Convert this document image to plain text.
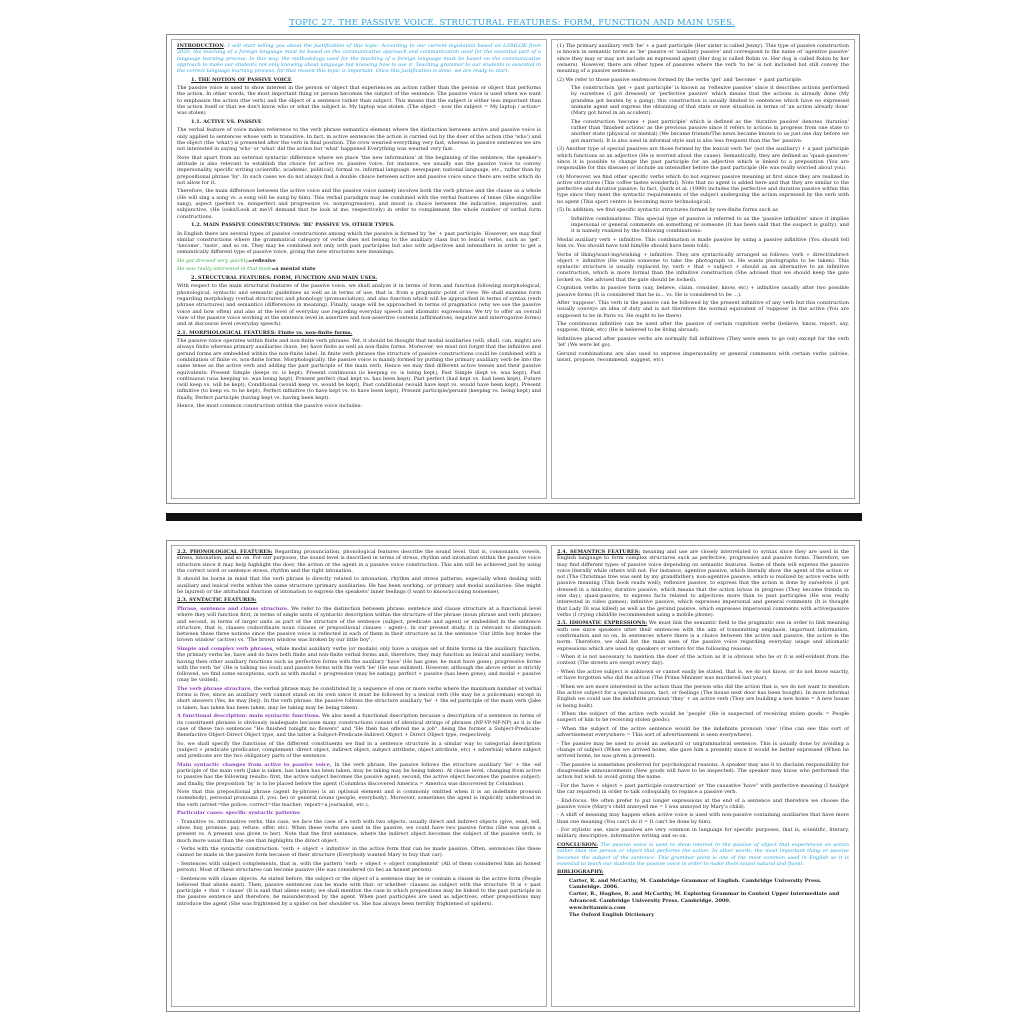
TOPIC 27. THE PASSIVE VOICE. STRUCTURAL FEATURES: FORM, FUNCTION AND MAIN USES.

INTRODUCTION: I will start telling you about the justification of this topic. According to our current legislation based on LOMLOE from 2020, the teaching of a foreign language must be based on the communicative approach and communication used for the essential part of a language learning process. In this way, the methodology used for the teaching of a foreign language must be based on the communicative approach to make our students not only knowing about language but knowing how to use it. Teaching grammar to our students is essential in the correct language learning process, for that reason this topic is important. Once this justification is done, we are ready to start.

1. THE NOTION OF PASSIVE VOICE

The passive voice is used to show interest in the person or object that experiences an action rather than the person or object that performs the action. In other words, the most important thing or person becomes the subject of the sentence. The passive voice is used when we want to emphasize the action (the verb) and the object of a sentence rather than subject. This means that the subject is either less important than the action itself or that we don't know who or what the subject is. My laptop was stolen. (The object - now the subject = My laptop / action= was stolen)

1.1. ACTIVE VS. PASSIVE

The verbal feature of voice makes reference to the verb phrase semantics element where the distinction between active and passive voice is only applied to sentences whose verb is transitive. In fact, in active sentences the action is carried out by the doer of the action (the 'who') and the object (the 'what') is presented after the verb in final position. The crow wearied everything very fast, whereas in passive sentences we are not interested in saying 'who' or 'what' did the action but 'what' happened Everything was wearied very fast.

Note that apart from an external syntactic difference where we place 'the new information' at the beginning of the sentence, the speaker's attitude is also relevant to establish the choice for active vs. passive voice, for instance, we usually use the passive voice to convey impersonality, specific writing (scientific, academic, political), formal vs. informal language, newspaper, national language, etc., rather than by prepositional phrase 'by'. In such cases we do not always find a double choice between active and passive voice since there are verbs which do not allow for it.

Therefore, the main difference between the active voice and the passive voice namely involves both the verb phrase and the clause as a whole (He will sing a song vs. a song will be sung by him). This verbal paradigm may be combined with the verbal features of tense (She sings/She sang), aspect (perfect vs. nonperfect and progressive vs. nonprogressive), and mood (a choice between the indicative, imperative, and subjunctive, (He looks/Look at me!/I demand that he look at me, respectively) in order to complement the whole number of verbal form constructions.

1.2. MAIN PASSIVE CONSTRUCTIONS: 'BE' PASSIVE VS. OTHER TYPES.

In English there are several types of passive constructions among which the passive is formed by 'be' + past participle. However, we may find similar constructions where the grammatical category of verbs does not belong to the auxiliary class but to lexical verbs, such as 'get', 'become', 'taste', and so on. They may be combined not only with past participles but also with adjectives and intensifiers in order to get a semantically different type of passive voice, giving the new structures new meanings.

He got dressed very quickly=reflexive

He was really interested in that book=a mental state

2. STRUCTURAL FEATURES: FORM, FUNCTION AND MAIN USES.

With respect to the main structural features of the passive voice, we shall analyze it in terms of form and function following morphological, phonological, syntactic and semantic guidelines as well as in terms of use, that is, from a pragmatic point of view. We shall examine form regarding morphology (verbal structures) and phonology (pronunciation), and also function which will be approached in terms of syntax (verb phrase structures) and semantics (differences in meaning). Finally, usage will be approached in terms of pragmatics (why we use the passive voice and how often) and also at the level of everyday use regarding everyday speech and idiomatic expressions. We try to offer an overall view of the passive voice working at the sentence level in assertive and non-assertive contexts (affirmatives, negative and interrogative forms) and at discourse level (everyday speech).

2.1. MORPHOLOGICAL FEATURES: Finite vs. non-finite forms.

The passive voice operates within finite and non-finite verb phrases. Yet, it should be thought that modal auxiliaries (will, shall, can, might) are always finite whereas primary auxiliaries (have, be) have finite as well as non-finite forms. Moreover, we must not forget that the infinitive and gerund forms are embedded within the non-finite label. In finite verb phrases the structure of passive constructions could be combined with a combination of finite vs. non-finite forms. Morphologically, the passive voice is mainly formed by putting the primary auxiliary verb be into the same tense as the active verb and adding the past participle of the main verb. Hence we may find different active tenses and their passive equivalents: Present Simple (keeps vs. is kept), Present continuous (is keeping vs. is being kept), Past Simple (kept vs. was kept), Past continuous (was keeping vs. was being kept), Present perfect (had kept vs. has been kept), Past perfect (had kept vs. had been kept), Future (will keep vs. will be kept), Conditional (would keep vs. would be kept), Past conditional (would have kept vs. would have been kept), Present infinitive (to keep vs. to be kept), Perfect infinitive (to have kept vs. to have been kept), Present participle/gerund (keeping vs. being kept) and finally, Perfect participle (having kept vs. having been kept).

Hence, the most common construction within the passive voice includes:

(1) The primary auxiliary verb 'be' + a past participle (Her sister is called Jenny). This type of passive construction is known in semantic terms as 'be' passive or 'auxiliary passive' and correspond to the name of 'agentive passive' since they may or may not include an expressed agent (Her dog is called Robin vs. Her dog is called Robin by her owners). However, there are other types of passives where the verb 'to be' is not included but still convey the meaning of a passive sentence.

(2) We refer to those passive sentences formed by the verbs 'get' and 'become' + past participle.

The construction 'get + past participle' is known as 'reflexive passive' since it describes actions performed by ourselves (I got dressed) or 'perfective passive' which means that the actions is already done (My grandma got beaten by a gang); this construction is usually limited to sentences which have no expressed animate agent and express the obtaining of that state or new situation in terms of 'an action already done' (Mary got hired in an accident).

The construction 'become + past participle' which is defined as the 'durative passive' denotes 'duration' rather than 'finished actions' as the previous passive since it refers to actions in progress from one state to another state (physical or mental) (We became friends/The news became known to us just one day before we got married). It is also used in informal style and is also less frequent than the 'be' passive.

(3) Another type of special passives are those formed by the lexical verb 'be' (not the auxiliary) + a past participle which functions as an adjective (He is worried about the cause). Semantically, they are defined as 'quasi-passives' since it is possible to change the past participle for an adjective which is linked to a preposition (You are responsible for this disease) or include an intensifier before the past participle (He was really worried about you).

(4) Moreover, we find other specific verbs which do not express passive meaning at first since they are realized in active structures (This coffee tastes wonderful). Note that no agent is added here and that they are similar to the perfective and durative passive. In fact, Quirk et al. (1990) includes the perfective and durative passive within this type since they meet the syntactic requirements of the subject undergoing the action expressed by the verb with no agent (This sport centre is becoming more technological).

(5) In addition, we find specific syntactic structures formed by non-finite forms such as

Infinitive combinations: This special type of passive is referred to as the 'passive infinitive' since it implies impersonal or general comments on something or someone (It has been said that the suspect is guilty), and it is namely realized by the following combinations:

Modal auxiliary verb + infinitive. This combination is made passive by using a passive infinitive (You should tell him vs. You should have told him/He should have been told).

Verbs of liking/want-ing/wishing + infinitive. They are syntactically arranged as follows: verb + direct/indirect object + infinitive (He wants someone to take the photograph vs. He wants photographs to be taken). This syntactic structure is usually replaced by: verb + that + subject + should as an alternative to an infinitive construction, which is more formal than the infinitive construction (She advised that we should keep the gate locked vs. She advised that the gate should be locked).

Cognition verbs in passive form (say, believe, claim, consider, know, etc) + infinitive usually after two possible passive forms (It is considered that he is... vs. He is considered to be ...).

After 'suppose'. This verb in the passive can be followed by the present infinitive of any verb but this construction usually conveys an idea of duty and is not therefore the normal equivalent of 'suppose' in the active (You are supposed to be in Paris vs. He ought to be there).

The continuous infinitive can be used after the passive of certain cognition verbs (believe, know, report, say, suppose, think, etc) (He is believed to be living abroad).

Infinitives placed after passive verbs are normally full infinitives (They were seen to go out) except for the verb 'let' (We were let go).

Gerund combinations are also used to express impersonality or general comments with certain verbs (advise, insist, propose, recommend, suggest, etc).

2.2. PHONOLOGICAL FEATURES: Regarding pronunciation, phonological features describe the sound level, that is, consonants, vowels, stress, intonation, and so on. For our purposes, the sound level is described in terms of stress, rhythm and intonation within the passive voice structure since it may help highlight the doer, the action or the agent in a passive voice construction. This aim will be achieved just by using the correct word or sentence stress, rhythm and the right intonation.

It should be borne in mind that the verb phrase is directly related to intonation, rhythm and stress patterns, especially when dealing with auxiliary and lexical verbs within the same structure (primary auxiliaries: He has been working, or primary and modal auxiliaries: She might be injured) or the attitudinal function of intonation to express the speakers' inner feelings (I want to know/accusing nonsense).

2.3. SYNTACTIC FEATURES:

Phrase, sentence and clause structure. We refer to the distinction between phrase, sentence and clause structure at a functional level where they will function first, in terms of single units of syntactic description within the structure of the phrase (noun phrase and verb phrase) and second, in terms of larger units as part of the structure of the sentence (subject, predicate and agent) or embedded in the sentence structure, that is, clauses (subordinate noun clauses or prepositional clauses - agent-). In our present study, it is relevant to distinguish between these three notions since the passive voice is reflected in each of them in their structure as in the sentence 'Our little boy broke the brown window' (active) vs. 'The brown window was broken by our little boy'.

Simple and complex verb phrases, while modal auxiliary verbs (or modals) only have a unique set of finite forms in the auxiliary function, the primary verbs be, have and do have both finite and non-finite verbal forms and, therefore, they may function as lexical and auxiliary verbs, having then other auxiliary functions such as perfective forms with the auxiliary 'have' (He has gone, he must have gone); progressive forms with the verb 'be' (He is talking too loud) and passive forms with the verb 'be' (He was enlisted). However, although the above order is strictly followed, we find some exceptions, such as with modal + progressive (may be eating); perfect + passive (has been gone); and modal + passive (may be visited).

The verb phrase structure, the verbal phrase may be constituted by a sequence of one or more verbs where the maximum number of verbal forms is five, since an auxiliary verb cannot stand on its own since it must be followed by a lexical verb (He may be a policeman) except in short answers (Yes, he may [be]). In the verb phrase, the passive follows the structure auxiliary 'be' + the ed participle of the main verb (Jake is taken, has taken has been taken, may be taking may be being taken).

A functional description: main syntactic functions. We also need a functional description because a description of a sentence in terms of its constituent phrases is obviously inadequate because many constructions consist of identical strings of phrases (NP-VP-NP-NP) as it is the case of these two sentences "He finished tonight no flowers" and "He then has offered me a job", being the former a Subject-Predicate-Benefactive Object-Direct Object type, and the latter a Subject-Predicate-Indirect Object + Direct Object type, respectively.

So, we shall specify the functions of the different constituents we find in a sentence structure in a similar way to categorial description (subject + predicate (predicator; complement -direct object, indirect object, subject attribute, object attribute, etc) + adverbial) where subject and predicate are the two obligatory parts of the sentence.

Main syntactic changes from active to passive voice, In the verb phrase, the passive follows the structure auxiliary 'be' + the -ed participle of the main verb (Jake is taken, has taken has been taken, may be taking may be being taken). At clause level, changing from active to passive has the following results: first, the active subject becomes the passive agent; second, the active object becomes the passive subject; and finally, the preposition 'by' is to be placed before the agent (Columbus discovered America = America was discovered by Columbus).

Note that this prepositional phrase (agent by-phrase) is an optional element and is commonly omitted when it is an indefinite pronoun (somebody), personal pronouns (I, you, he) or general nouns (people, everybody). Moreover, sometimes the agent is implicitly understood in the verb (arrest=the police; correct=the teacher; report=a journalist, etc.).

Particular cases: specific syntactic patterns:

- Transitive vs. intransitive verbs, this case, we face the case of a verb with two objects, usually direct and indirect objects (give, send, tell, show, buy, promise, pay, refuse, offer, etc). When these verbs are used in the passive, we could have two passive forms (She was given a present vs. A present was given to her). Note that the first sentence, where the indirect object becomes the subject of the passive verb, is much more usual than the one that highlights the direct object.

- Verbs with the syntactic construction: 'verb + object + infinitive' in the active form that can be made passive. Often, sentences like these cannot be made in the passive form because of their structure (Everybody wanted Mary to buy that car).

- Sentences with subject complements, that is, with the pattern 'verb + object + object complement' (All of them considered him an honest person). Most of these structures can become passive (He was considered (to be) an honest person).

- Sentences with clause objects. As stated before, the subject or the object of a sentence may be or contain a clause in the active form (People believed that aliens exist). Then, passive sentences can be made with that- or whether- clauses as subject with the structure 'It is + past participle + that + clause' (It is said that aliens exist); we shall mention the case in which prepositions may be linked to the past participle in the passive sentence and therefore, be misunderstood by the agent. When past participles are used as adjectives, other prepositions may introduce the agent (She was frightened by a spider on her shoulder vs. She has always been terribly frightened of spiders).

2.4. SEMANTICS FEATURES: meaning and use are closely interrelated to syntax since they are used in the English language to form complex structures such as perfective, progressive and passive forms. Therefore, we may find different types of passive voice depending on semantic features. Some of them will express the passive voice literally while others will not. For instance, agentive passive, which literally show the agent of the action or not (The Christmas tree was sent by my grandfather); non-agentive passive, which is realized by active verbs with passive meaning (This book reads well); reflexive passive, to express that the action is done by ourselves (I got dressed in a minute); durative passive, which means that the action is/was in progress (They became friends in one day); quasi-passive, to express facts related to adjectives more than to past participles (He was really interested in video games); infinitive passive, which expresses impersonal and general comments (It is thought that Lady Di was killed) as well as the gerund passive, which expresses impersonal comments with active/passive verbs (I crying child/He recommended using a mobile phone).

2.5. IDIOMATIC EXPRESSIONS: We must link the semantic field to the pragmatic one in order to link meaning with use since speakers utter their sentences with the aim of transmitting emphasis, important information, confirmation and so on. In sentences where there is a choice between the active and passive, the active is the norm. Therefore, we shall list the main uses of the passive voice regarding everyday usage and idiomatic expressions which are used by speakers or writers for the following reasons:

- When it is not necessary to mention the doer of the action as it is obvious who he or it is self-evident from the context (The streets are swept every day).

- When the active subject is unknown or cannot easily be stated, that is, we do not know, or do not know exactly, or have forgotten who did the action (The Prime Minister was murdered last year).

- When we are more interested in the action than the person who did the action that is, we do not want to mention the active subject for a special reason, tact, or feelings (The house next door has been bought). In more informal English we could use the indefinite pronoun 'they' + an active verb (They are building a new home = A new house is being built).

- When the subject of the active verb would be 'people' (He is suspected of receiving stolen goods = People suspect of him to be receiving stolen goods).

- When the subject of the active sentence would be the indefinite pronoun 'one' (One can see this sort of advertisement everywhere = This sort of advertisement is seen everywhere).

- The passive may be used to avoid an awkward or ungrammatical sentence. This is usually done by avoiding a change of subject (When we arrived home, she gave him a present) since it would be better expressed (When he arrived home, he was given a present).

- The passive is sometimes preferred for psychological reasons. A speaker may use it to disclaim responsibility for disagreeable announcements (New goods will have to be inspected). The speaker may know who performed the action but wish to avoid giving the name.

- For the 'have + object + past participle construction' or 'the causative 'have'' with perfective meaning (I had/got the car repaired) in order to talk colloquially to replace a passive verb.

- End-focus. We often prefer to put longer expressions at the end of a sentence and therefore we choose the passive voice (Mary's child annoyed me = I was annoyed by Mary's child).

- A shift of meaning may happen when active voice is used with non-passive containing auxiliaries that have more than one meaning (You can't do it = It can't be done by him).

- For stylistic use, since passives are very common in language for specific purposes, that is, scientific, literary, military, descriptive, informative writing and so on.

CONCLUSION: The passive voice is used to show interest in the passive of object that experiences an action rather than the person or object that performs the action. In other words, the most important thing or passive becomes the subject of the sentence. This grammar point is one of the most common used in English so it is essential to teach our students the passive voice in order to make them sound natural and fluent.

BIBLIOGRAPHY:

Carter, R. and McCarthy, M. Cambridge Grammar of English. Cambridge University Press. Cambridge. 2006.

Carter, R., Hughes, R. and McCarthy, M. Exploring Grammar in Context Upper Intermediate and Advanced. Cambridge University Press. Cambridge. 2000.

www.britannica.com

The Oxford English Dictionary
